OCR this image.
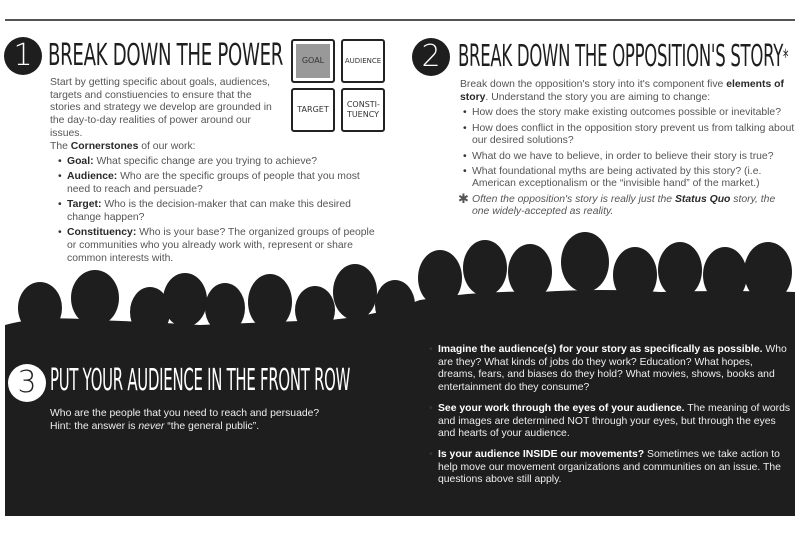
1 BREAK DOWN THE POWER	GOAL	AUDIENCE
TARGET
CONSTI-TUENCY
Start by getting specific about goals, audiences, targets and constiuencies to ensure that the stories and strategy we develop are grounded in the day-to-day realities of power around our issues.
The Cornerstones of our work:
• Goal: What specific change are you trying to achieve?
• Audience: Who are the specific groups of people that you most need to reach and persuade?
• Target: Who is the decision-maker that can make this desired change happen?
• Constituency: Who is your base? The organized groups of people or communities who you already work with, represent or share common interests with.
2 BREAK DOWN THE OPPOSITION'S STORY*
Break down the opposition's story into it's component five elements of story. Understand the story you are aiming to change:
• How does the story make existing outcomes possible or inevitable?
• How does conflict in the opposition story prevent us from talking about our desired solutions?
• What do we have to believe, in order to believe their story is true?
• What foundational myths are being activated by this story? (i.e. American exceptionalism or the “invisible hand” of the market.)
✱ Often the opposition's story is really just the Status Quo story, the one widely-accepted as reality.
3 PUT YOUR AUDIENCE IN THE FRONT ROW
Who are the people that you need to reach and persuade?
Hint: the answer is never “the general public”.
• Imagine the audience(s) for your story as specifically as possible. Who are they? What kinds of jobs do they work? Education? What hopes, dreams, fears, and biases do they hold? What movies, shows, books and entertainment do they consume?
• See your work through the eyes of your audience. The meaning of words and images are determined NOT through your eyes, but through the eyes and hearts of your audience.
• Is your audience INSIDE our movements? Sometimes we take action to help move our movement organizations and communities on an issue. The questions above still apply.
